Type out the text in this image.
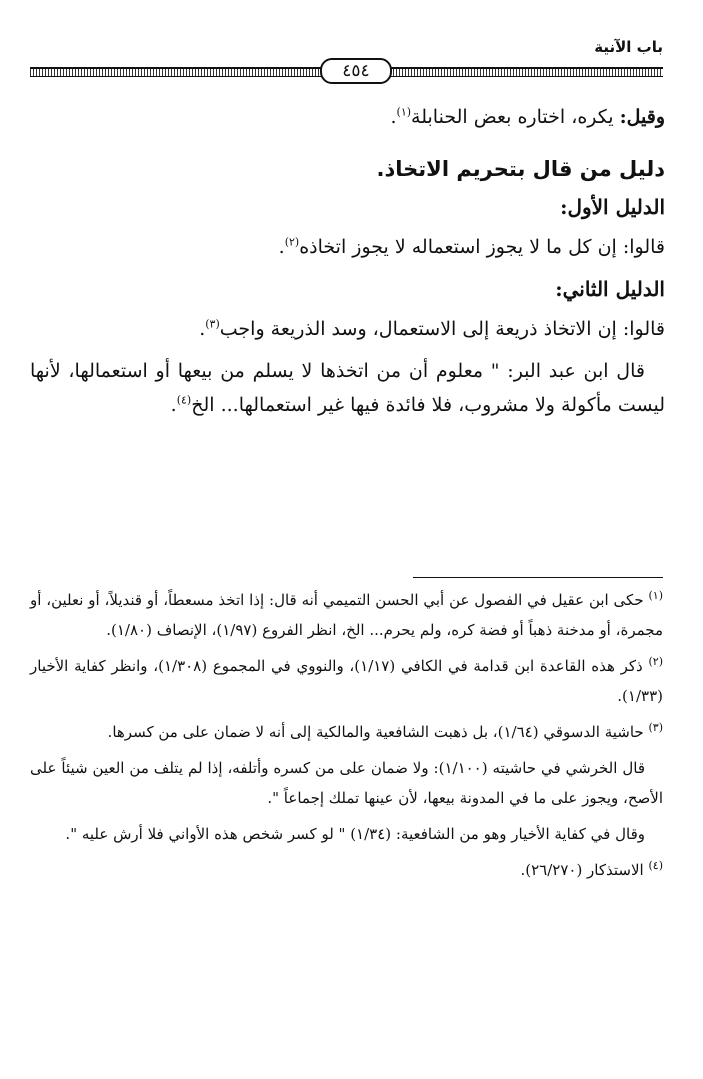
باب الآنية
٤٥٤

وقيل: يكره، اختاره بعض الحنابلة$^{(١)}$.

دليل من قال بتحريم الاتخاذ.
الدليل الأول:

قالوا: إن كل ما لا يجوز استعماله لا يجوز اتخاذه$^{(٢)}$.

الدليل الثاني:

قالوا: إن الاتخاذ ذريعة إلى الاستعمال، وسد الذريعة واجب$^{(٣)}$.

قال ابن عبد البر: " معلوم أن من اتخذها لا يسلم من بيعها أو استعمالها، لأنها ليست مأكولة ولا مشروب، فلا فائدة فيها غير استعمالها... الخ$^{(٤)}$.

$^{(١)}$ حكى ابن عقيل في الفصول عن أبي الحسن التميمي أنه قال: إذا اتخذ مسعطاً، أو قنديلاً، أو نعلين، أو مجمرة، أو مدخنة ذهباً أو فضة كره، ولم يحرم... الخ، انظر الفروع (١/٩٧)، الإنصاف (١/٨٠).

$^{(٢)}$ ذكر هذه القاعدة ابن قدامة في الكافي (١/١٧)، والنووي في المجموع (١/٣٠٨)، وانظر كفاية الأخيار (١/٣٣).

$^{(٣)}$ حاشية الدسوقي (١/٦٤)، بل ذهبت الشافعية والمالكية إلى أنه لا ضمان على من كسرها.

قال الخرشي في حاشيته (١/١٠٠): ولا ضمان على من كسره وأتلفه، إذا لم يتلف من العين شيئاً على الأصح، ويجوز على ما في المدونة بيعها، لأن عينها تملك إجماعاً ".

وقال في كفاية الأخيار وهو من الشافعية: (١/٣٤) " لو كسر شخص هذه الأواني فلا أرش عليه ".

$^{(٤)}$ الاستذكار (٢٦/٢٧٠).
